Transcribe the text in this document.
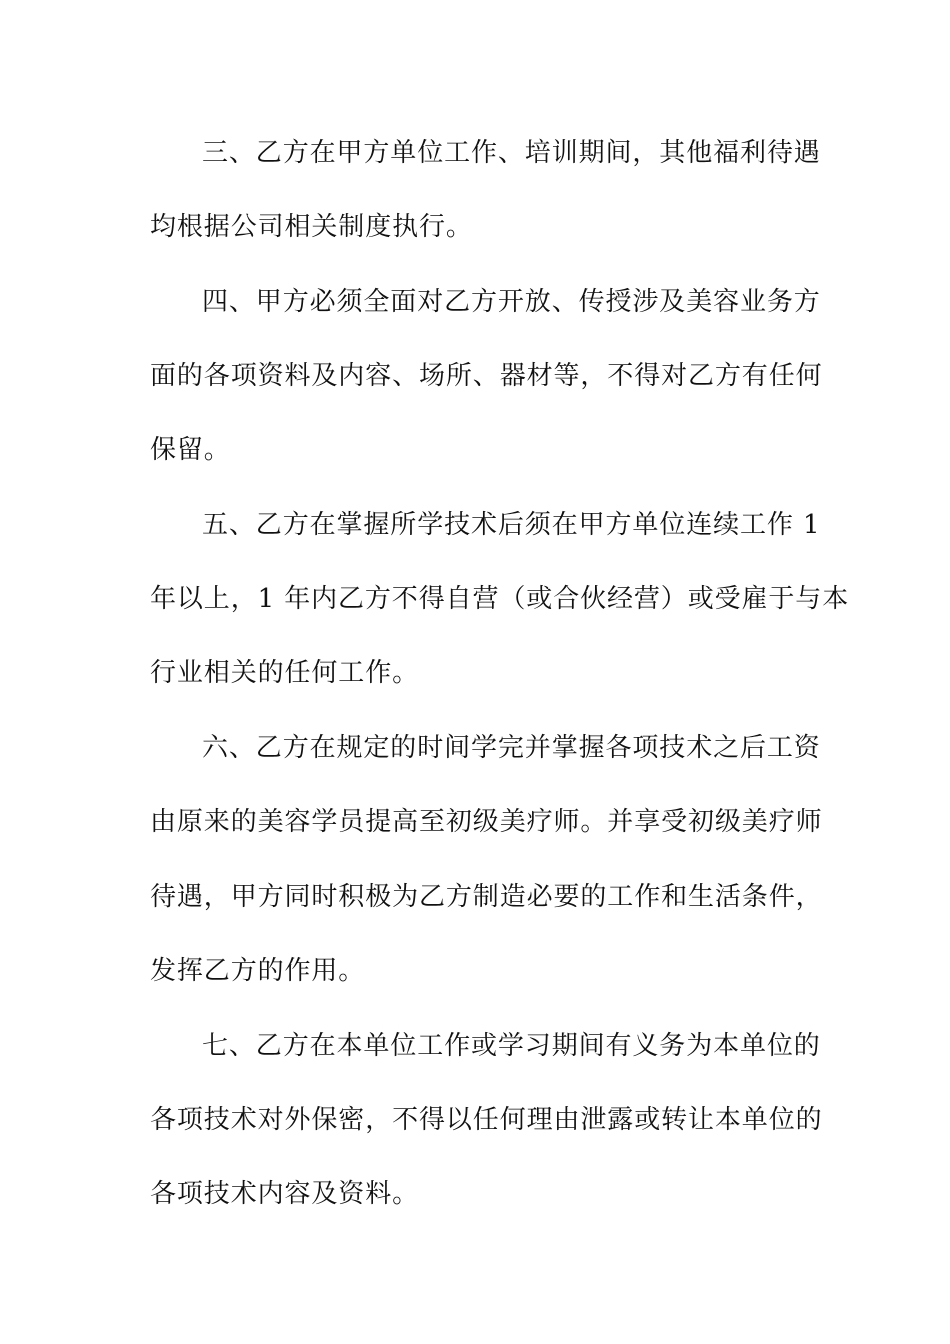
三、乙方在甲方单位工作、培训期间，其他福利待遇
均根据公司相关制度执行。
四、甲方必须全面对乙方开放、传授涉及美容业务方
面的各项资料及内容、场所、器材等，不得对乙方有任何
保留。
五、乙方在掌握所学技术后须在甲方单位连续工作 1
年以上，1 年内乙方不得自营（或合伙经营）或受雇于与本
行业相关的任何工作。
六、乙方在规定的时间学完并掌握各项技术之后工资
由原来的美容学员提高至初级美疗师。并享受初级美疗师
待遇，甲方同时积极为乙方制造必要的工作和生活条件，
发挥乙方的作用。
七、乙方在本单位工作或学习期间有义务为本单位的
各项技术对外保密，不得以任何理由泄露或转让本单位的
各项技术内容及资料。
